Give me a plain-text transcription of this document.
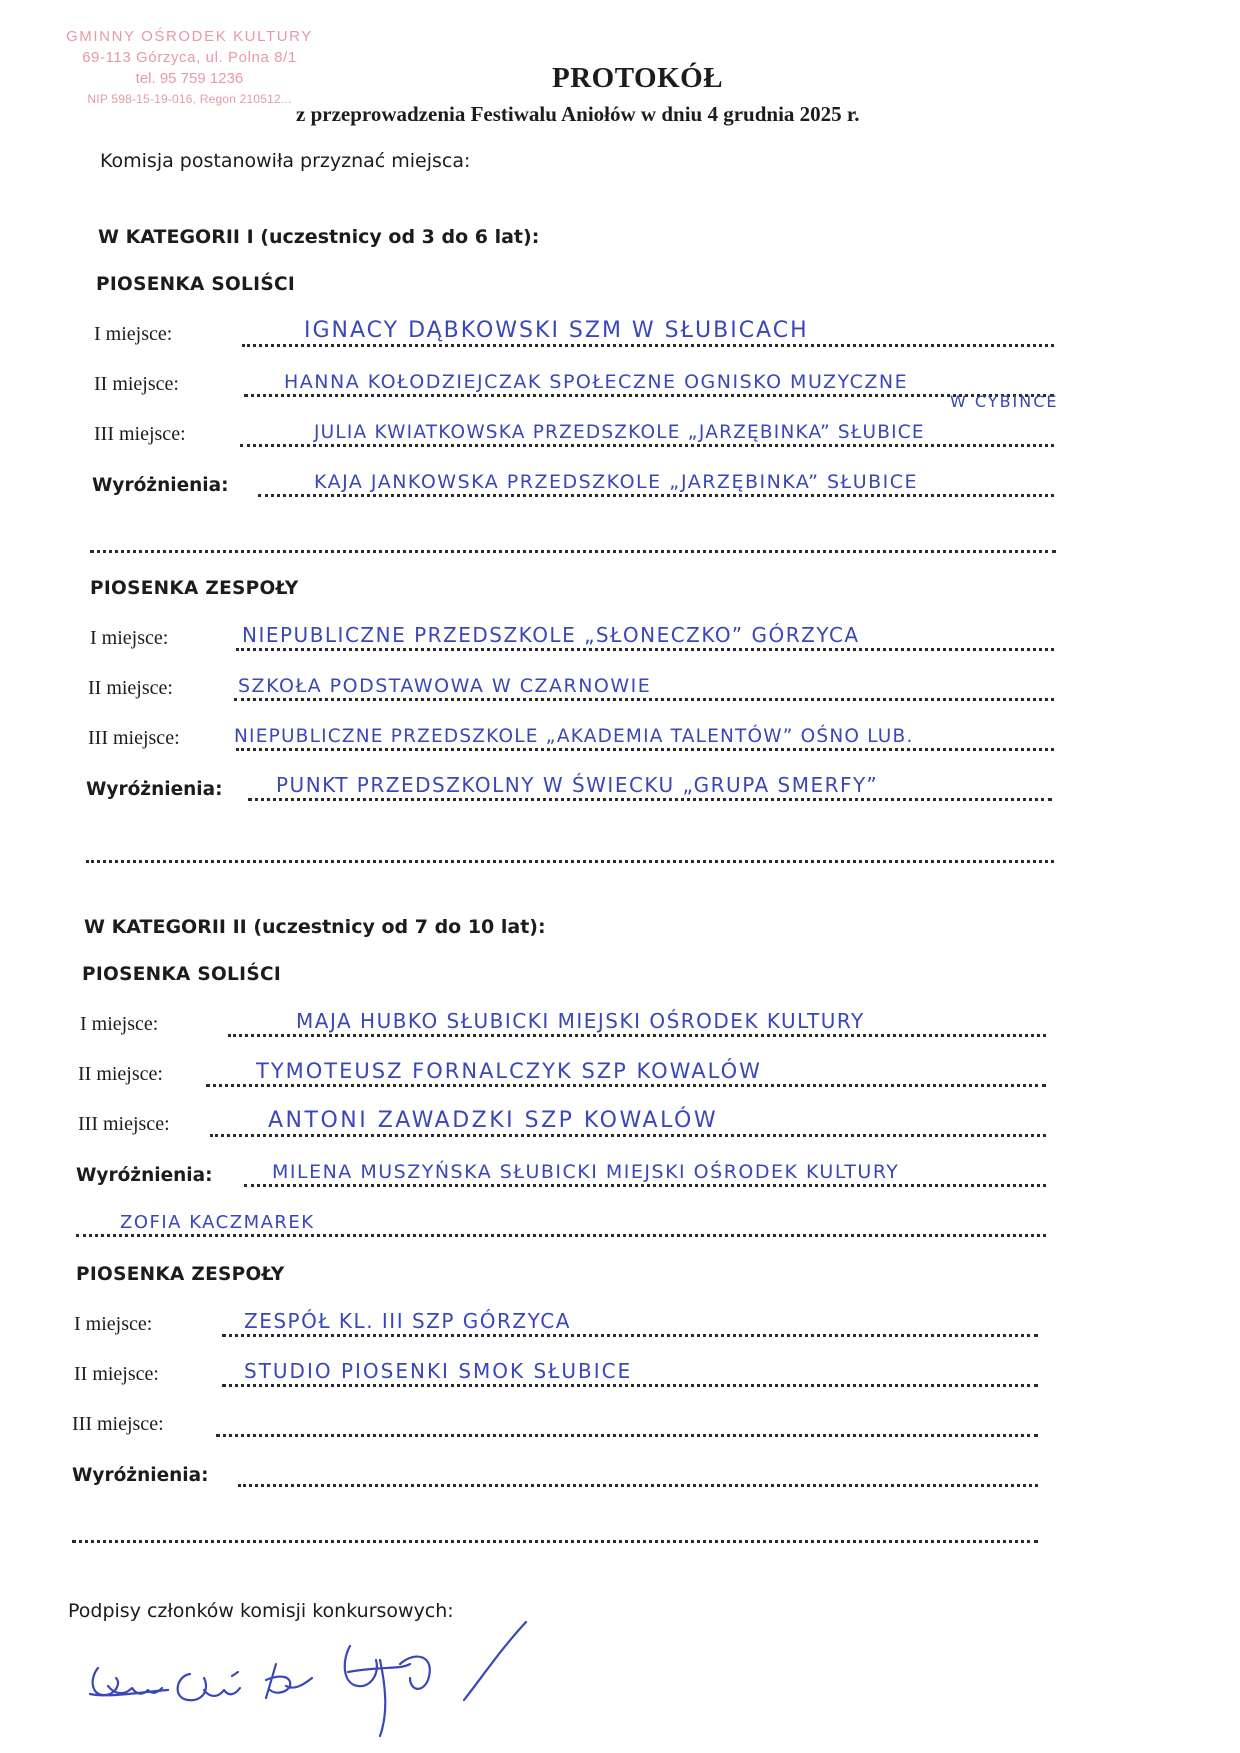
GMINNY OŚRODEK KULTURY
69-113 Górzyca, ul. Polna 8/1
tel. 95 759 1236
NIP 598-15-19-016, Regon 210512...
PROTOKÓŁ
z przeprowadzenia Festiwalu Aniołów w dniu 4 grudnia 2025 r.
Komisja postanowiła przyznać miejsca:
W KATEGORII I (uczestnicy od 3 do 6 lat):
PIOSENKA SOLIŚCI
I miejsce:	IGNACY DĄBKOWSKI SZM W SŁUBICACH
II miejsce:	HANNA KOŁODZIEJCZAK SPOŁECZNE OGNISKO MUZYCZNE
W CYBINCE
III miejsce:	JULIA KWIATKOWSKA PRZEDSZKOLE „JARZĘBINKA” SŁUBICE
Wyróżnienia:	KAJA JANKOWSKA PRZEDSZKOLE „JARZĘBINKA” SŁUBICE
PIOSENKA ZESPOŁY
I miejsce:	NIEPUBLICZNE PRZEDSZKOLE „SŁONECZKO” GÓRZYCA
II miejsce:	SZKOŁA PODSTAWOWA W CZARNOWIE
III miejsce:	NIEPUBLICZNE PRZEDSZKOLE „AKADEMIA TALENTÓW” OŚNO LUB.
Wyróżnienia:	PUNKT PRZEDSZKOLNY W ŚWIECKU „GRUPA SMERFY”
W KATEGORII II (uczestnicy od 7 do 10 lat):
PIOSENKA SOLIŚCI
I miejsce:	MAJA HUBKO SŁUBICKI MIEJSKI OŚRODEK KULTURY
II miejsce:	TYMOTEUSZ FORNALCZYK SZP KOWALÓW
III miejsce:	ANTONI ZAWADZKI SZP KOWALÓW
Wyróżnienia:	MILENA MUSZYŃSKA SŁUBICKI MIEJSKI OŚRODEK KULTURY
ZOFIA KACZMAREK
PIOSENKA ZESPOŁY
I miejsce:	ZESPÓŁ KL. III SZP GÓRZYCA
II miejsce:	STUDIO PIOSENKI SMOK SŁUBICE
III miejsce:
Wyróżnienia:
Podpisy członków komisji konkursowych:
